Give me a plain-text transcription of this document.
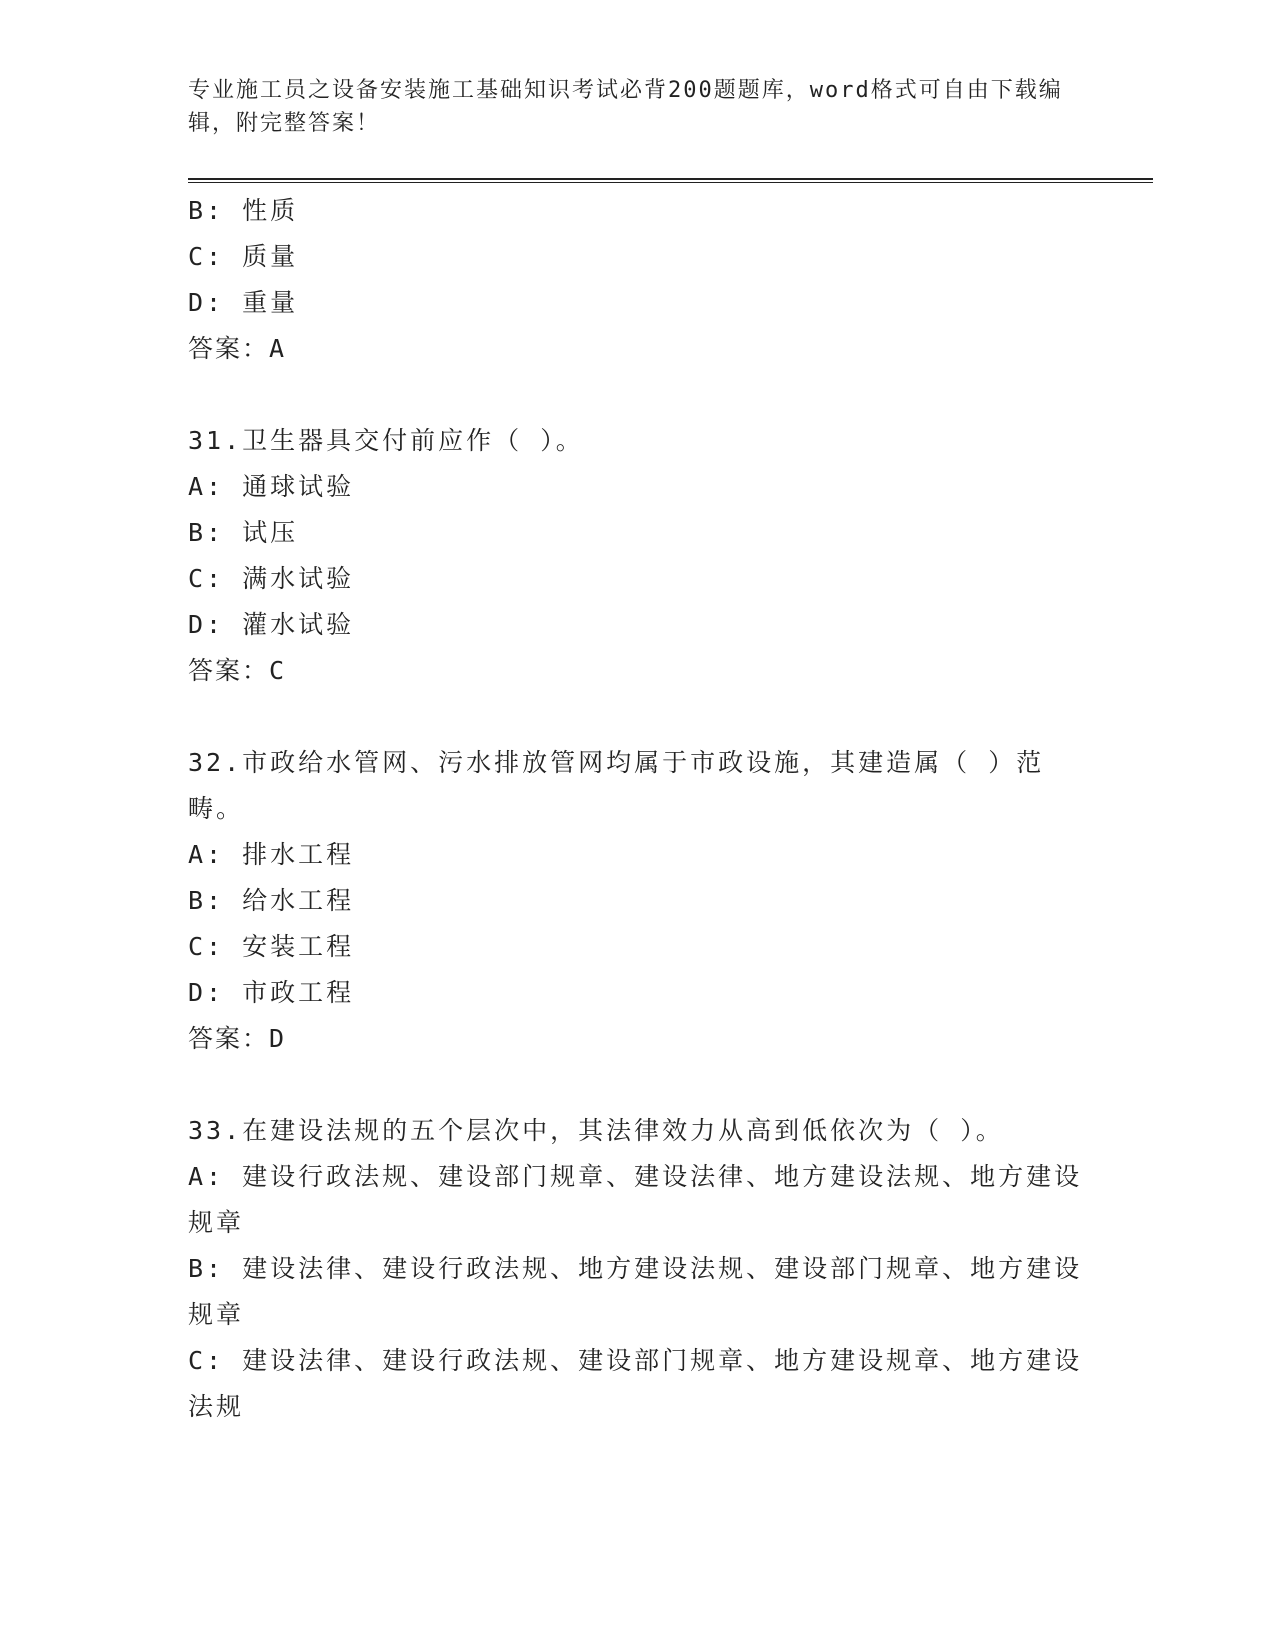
专业施工员之设备安装施工基础知识考试必背200题题库，word格式可自由下载编辑，附完整答案！
B: 性质
C: 质量
D: 重量
答案：A
31.卫生器具交付前应作（ ）。
A: 通球试验
B: 试压
C: 满水试验
D: 灌水试验
答案：C
32.市政给水管网、污水排放管网均属于市政设施，其建造属（ ）范畴。
A: 排水工程
B: 给水工程
C: 安装工程
D: 市政工程
答案：D
33.在建设法规的五个层次中，其法律效力从高到低依次为（ ）。
A: 建设行政法规、建设部门规章、建设法律、地方建设法规、地方建设规章
B: 建设法律、建设行政法规、地方建设法规、建设部门规章、地方建设规章
C: 建设法律、建设行政法规、建设部门规章、地方建设规章、地方建设法规
